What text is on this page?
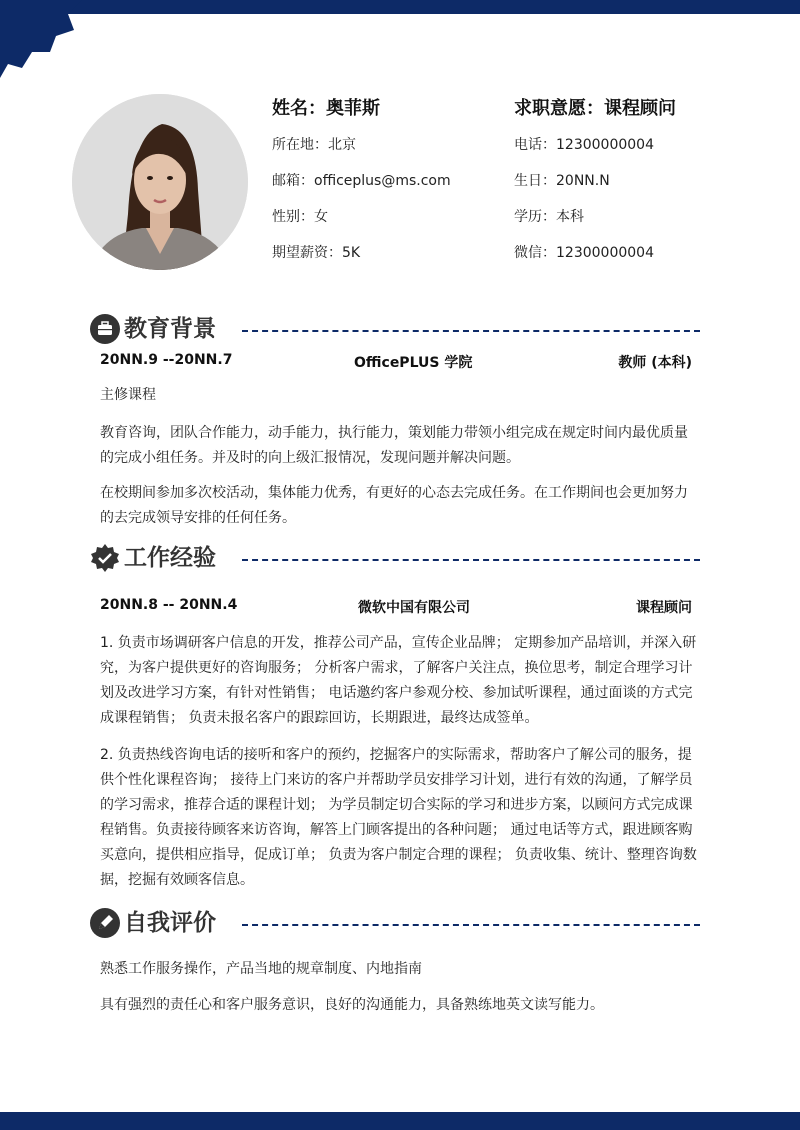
姓名：奥菲斯	求职意愿：课程顾问
所在地：北京
邮箱：officeplus@ms.com
性别：女
期望薪资：5K
电话：12300000004
生日：20NN.N
学历：本科
微信：12300000004
教育背景
20NN.9 --20NN.7	OfficePLUS 学院	教师 (本科)

主修课程

教育咨询，团队合作能力，动手能力，执行能力，策划能力带领小组完成在规定时间内最优质量的完成小组任务。并及时的向上级汇报情况，发现问题并解决问题。

在校期间参加多次校活动，集体能力优秀，有更好的心态去完成任务。在工作期间也会更加努力的去完成领导安排的任何任务。

工作经验
20NN.8 -- 20NN.4	微软中国有限公司	课程顾问

1. 负责市场调研客户信息的开发，推荐公司产品，宣传企业品牌； 定期参加产品培训，并深入研究，为客户提供更好的咨询服务； 分析客户需求，了解客户关注点，换位思考，制定合理学习计划及改进学习方案，有针对性销售； 电话邀约客户参观分校、参加试听课程，通过面谈的方式完成课程销售； 负责未报名客户的跟踪回访，长期跟进，最终达成签单。

2. 负责热线咨询电话的接听和客户的预约，挖掘客户的实际需求，帮助客户了解公司的服务，提供个性化课程咨询； 接待上门来访的客户并帮助学员安排学习计划，进行有效的沟通，了解学员的学习需求，推荐合适的课程计划； 为学员制定切合实际的学习和进步方案，以顾问方式完成课程销售。负责接待顾客来访咨询，解答上门顾客提出的各种问题； 通过电话等方式，跟进顾客购买意向，提供相应指导，促成订单； 负责为客户制定合理的课程； 负责收集、统计、整理咨询数据，挖掘有效顾客信息。

自我评价

熟悉工作服务操作，产品当地的规章制度、内地指南

具有强烈的责任心和客户服务意识，良好的沟通能力，具备熟练地英文读写能力。
